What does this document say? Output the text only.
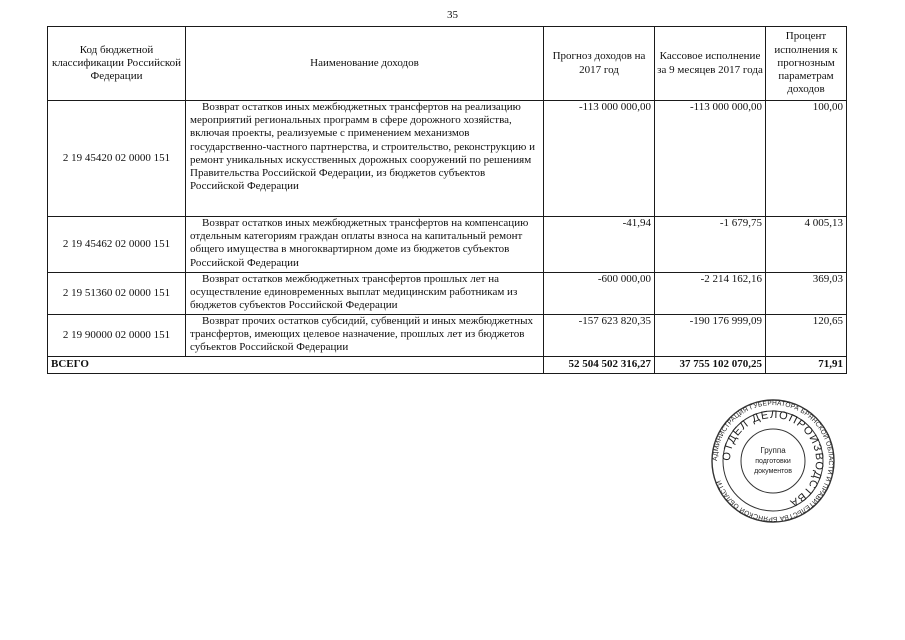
35
Код бюджетной классификации Российской Федерации	Наименование доходов	Прогноз доходов на 2017 год	Кассовое исполнение за 9 месяцев 2017 года	Процент исполнения к прогнозным параметрам доходов
2 19 45420 02 0000 151	Возврат остатков иных межбюджетных трансфертов на реализацию мероприятий региональных программ в сфере дорожного хозяйства, включая проекты, реализуемые с применением механизмов государственно-частного партнерства, и строительство, реконструкцию и ремонт уникальных искусственных дорожных сооружений по решениям Правительства Российской Федерации, из бюджетов субъектов Российской Федерации	-113 000 000,00	-113 000 000,00	100,00
2 19 45462 02 0000 151	Возврат остатков иных межбюджетных трансфертов на компенсацию отдельным категориям граждан оплаты взноса на капитальный ремонт общего имущества в многоквартирном доме из бюджетов субъектов Российской Федерации	-41,94	-1 679,75	4 005,13
2 19 51360 02 0000 151	Возврат остатков межбюджетных трансфертов прошлых лет на осуществление единовременных выплат медицинским работникам из бюджетов субъектов Российской Федерации	-600 000,00	-2 214 162,16	369,03
2 19 90000 02 0000 151	Возврат прочих остатков субсидий, субвенций и иных межбюджетных трансфертов, имеющих целевое назначение, прошлых лет из бюджетов субъектов Российской Федерации	-157 623 820,35	-190 176 999,09	120,65
ВСЕГО		52 504 502 316,27	37 755 102 070,25	71,91
АДМИНИСТРАЦИЯ ГУБЕРНАТОРА БРЯНСКОЙ ОБЛАСТИ И ПРАВИТЕЛЬСТВА БРЯНСКОЙ ОБЛАСТИ
ОТДЕЛ ДЕЛОПРОИЗВОДСТВА
Группа
подготовки
документов
